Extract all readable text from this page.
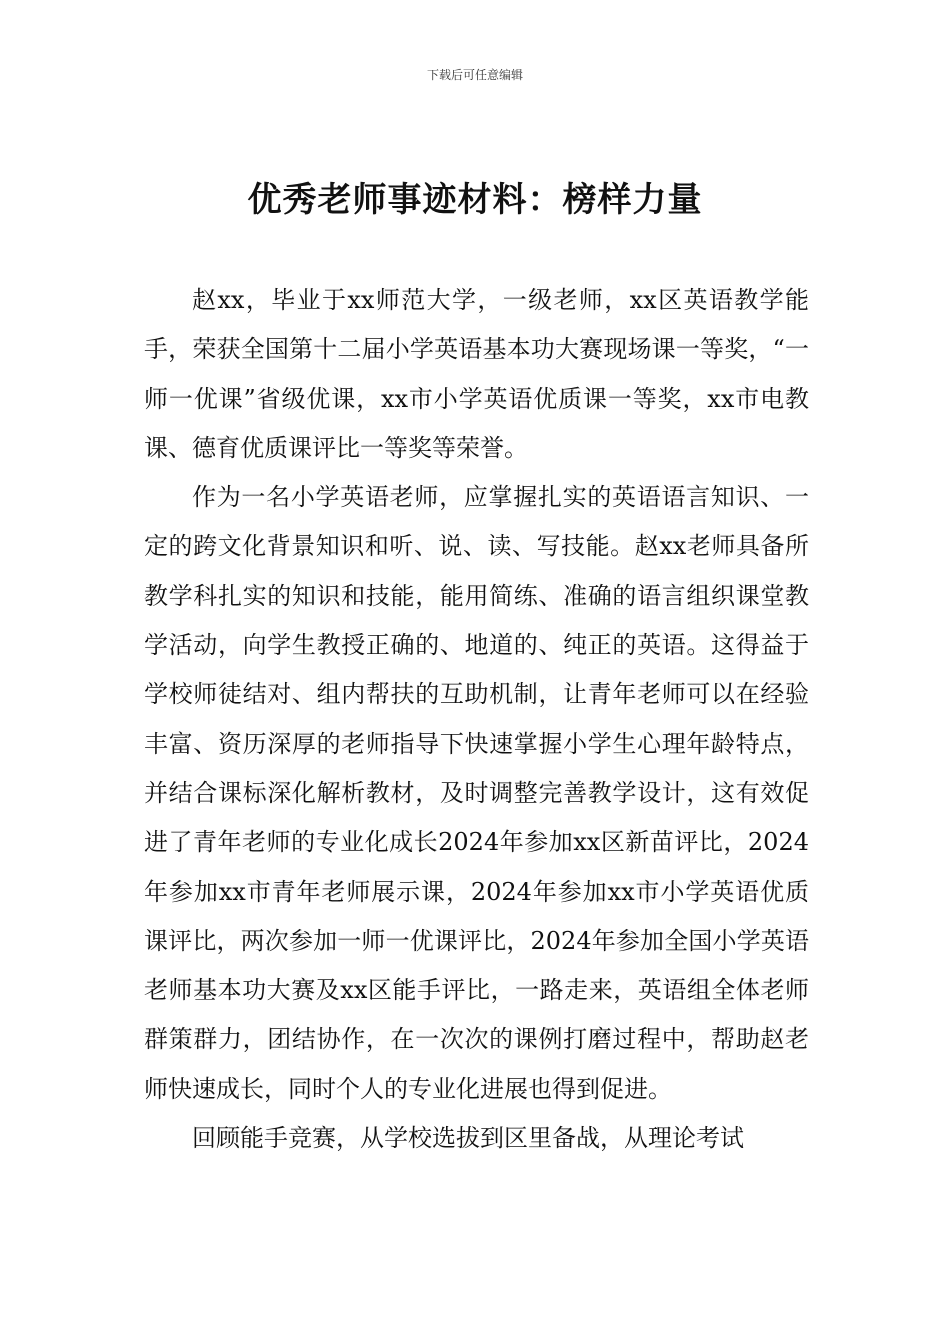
下载后可任意编辑
优秀老师事迹材料：榜样力量

赵xx，毕业于xx师范大学，一级老师，xx区英语教学能手，荣获全国第十二届小学英语基本功大赛现场课一等奖，“一师一优课”省级优课，xx市小学英语优质课一等奖，xx市电教课、德育优质课评比一等奖等荣誉。

作为一名小学英语老师，应掌握扎实的英语语言知识、一定的跨文化背景知识和听、说、读、写技能。赵xx老师具备所教学科扎实的知识和技能，能用简练、准确的语言组织课堂教学活动，向学生教授正确的、地道的、纯正的英语。这得益于学校师徒结对、组内帮扶的互助机制，让青年老师可以在经验丰富、资历深厚的老师指导下快速掌握小学生心理年龄特点，并结合课标深化解析教材，及时调整完善教学设计，这有效促进了青年老师的专业化成长2024年参加xx区新苗评比，2024年参加xx市青年老师展示课，2024年参加xx市小学英语优质课评比，两次参加一师一优课评比，2024年参加全国小学英语老师基本功大赛及xx区能手评比，一路走来，英语组全体老师群策群力，团结协作，在一次次的课例打磨过程中，帮助赵老师快速成长，同时个人的专业化进展也得到促进。

回顾能手竞赛，从学校选拔到区里备战，从理论考试
